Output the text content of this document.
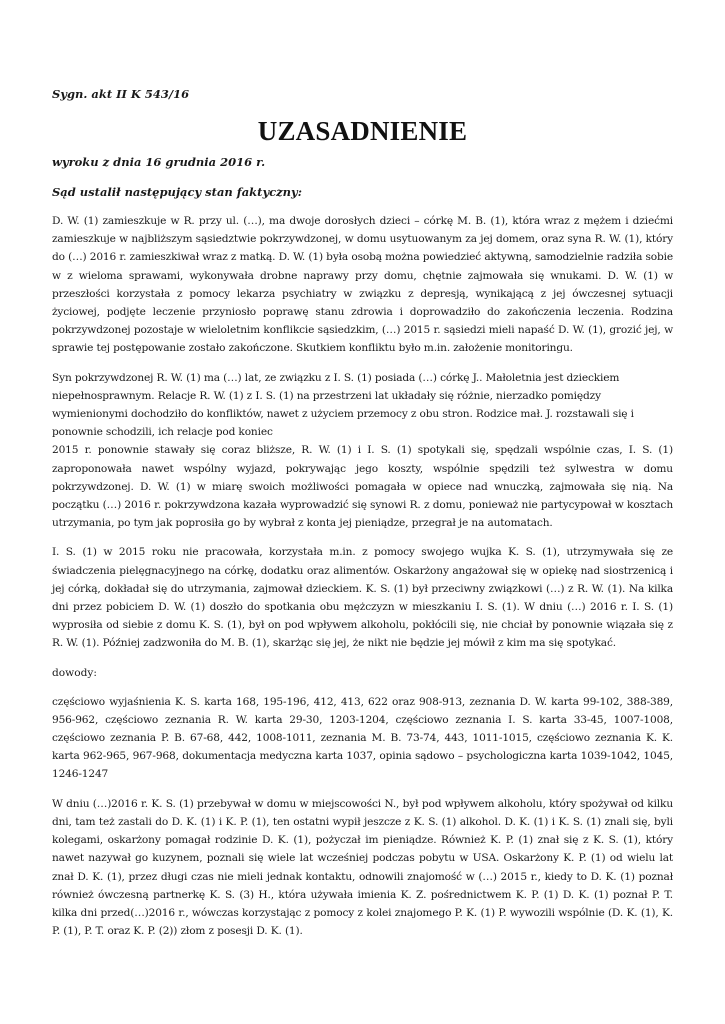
Sygn. akt II K 543/16

UZASADNIENIE

wyroku z dnia 16 grudnia 2016 r.

Sąd ustalił następujący stan faktyczny:

D. W. (1) zamieszkuje w R. przy ul. (…), ma dwoje dorosłych dzieci – córkę M. B. (1), która wraz z mężem i dziećmi zamieszkuje w najbliższym sąsiedztwie pokrzywdzonej, w domu usytuowanym za jej domem, oraz syna R. W. (1), który do (…) 2016 r. zamieszkiwał wraz z matką. D. W. (1) była osobą można powiedzieć aktywną, samodzielnie radziła sobie w z wieloma sprawami, wykonywała drobne naprawy przy domu, chętnie zajmowała się wnukami. D. W. (1) w przeszłości korzystała z pomocy lekarza psychiatry w związku z depresją, wynikającą z jej ówczesnej sytuacji życiowej, podjęte leczenie przyniosło poprawę stanu zdrowia i doprowadziło do zakończenia leczenia. Rodzina pokrzywdzonej pozostaje w wieloletnim konflikcie sąsiedzkim, (…) 2015 r. sąsiedzi mieli napaść D. W. (1), grozić jej, w sprawie tej postępowanie zostało zakończone. Skutkiem konfliktu było m.in. założenie monitoringu.

Syn pokrzywdzonej R. W. (1) ma (…) lat, ze związku z I. S. (1) posiada (…) córkę J.. Małoletnia jest dzieckiem niepełnosprawnym. Relacje R. W. (1) z I. S. (1) na przestrzeni lat układały się różnie, nierzadko pomiędzy wymienionymi dochodziło do konfliktów, nawet z użyciem przemocy z obu stron. Rodzice mał. J. rozstawali się i ponownie schodzili, ich relacje pod koniec
2015 r. ponownie stawały się coraz bliższe, R. W. (1) i I. S. (1) spotykali się, spędzali wspólnie czas, I. S. (1) zaproponowała nawet wspólny wyjazd, pokrywając jego koszty, wspólnie spędzili też sylwestra w domu pokrzywdzonej. D. W. (1) w miarę swoich możliwości pomagała w opiece nad wnuczką, zajmowała się nią. Na początku (…) 2016 r. pokrzywdzona kazała wyprowadzić się synowi R. z domu, ponieważ nie partycypował w kosztach utrzymania, po tym jak poprosiła go by wybrał z konta jej pieniądze, przegrał je na automatach.

I. S. (1) w 2015 roku nie pracowała, korzystała m.in. z pomocy swojego wujka K. S. (1), utrzymywała się ze świadczenia pielęgnacyjnego na córkę, dodatku oraz alimentów. Oskarżony angażował się w opiekę nad siostrzenicą i jej córką, dokładał się do utrzymania, zajmował dzieckiem. K. S. (1) był przeciwny związkowi (…) z R. W. (1). Na kilka dni przez pobiciem D. W. (1) doszło do spotkania obu mężczyzn w mieszkaniu I. S. (1). W dniu (…) 2016 r. I. S. (1) wyprosiła od siebie z domu K. S. (1), był on pod wpływem alkoholu, pokłócili się, nie chciał by ponownie wiązała się z R. W. (1). Później zadzwoniła do M. B. (1), skarżąc się jej, że nikt nie będzie jej mówił z kim ma się spotykać.

dowody:

częściowo wyjaśnienia K. S. karta 168, 195-196, 412, 413, 622 oraz 908-913, zeznania D. W. karta 99-102, 388-389, 956-962, częściowo zeznania R. W. karta 29-30, 1203-1204, częściowo zeznania I. S. karta 33-45, 1007-1008, częściowo zeznania P. B. 67-68, 442, 1008-1011, zeznania M. B. 73-74, 443, 1011-1015, częściowo zeznania K. K. karta 962-965, 967-968, dokumentacja medyczna karta 1037, opinia sądowo – psychologiczna karta 1039-1042, 1045, 1246-1247

W dniu (…)2016 r. K. S. (1) przebywał w domu w miejscowości N., był pod wpływem alkoholu, który spożywał od kilku dni, tam też zastali do D. K. (1) i K. P. (1), ten ostatni wypił jeszcze z K. S. (1) alkohol. D. K. (1) i K. S. (1) znali się, byli kolegami, oskarżony pomagał rodzinie D. K. (1), pożyczał im pieniądze. Również K. P. (1) znał się z K. S. (1), który nawet nazywał go kuzynem, poznali się wiele lat wcześniej podczas pobytu w USA. Oskarżony K. P. (1) od wielu lat znał D. K. (1), przez długi czas nie mieli jednak kontaktu, odnowili znajomość w (…) 2015 r., kiedy to D. K. (1) poznał również ówczesną partnerkę K. S. (3) H., która używała imienia K. Z. pośrednictwem K. P. (1) D. K. (1) poznał P. T. kilka dni przed(…)2016 r., wówczas korzystając z pomocy z kolei znajomego P. K. (1) P. wywozili wspólnie (D. K. (1), K. P. (1), P. T. oraz K. P. (2)) złom z posesji D. K. (1).
